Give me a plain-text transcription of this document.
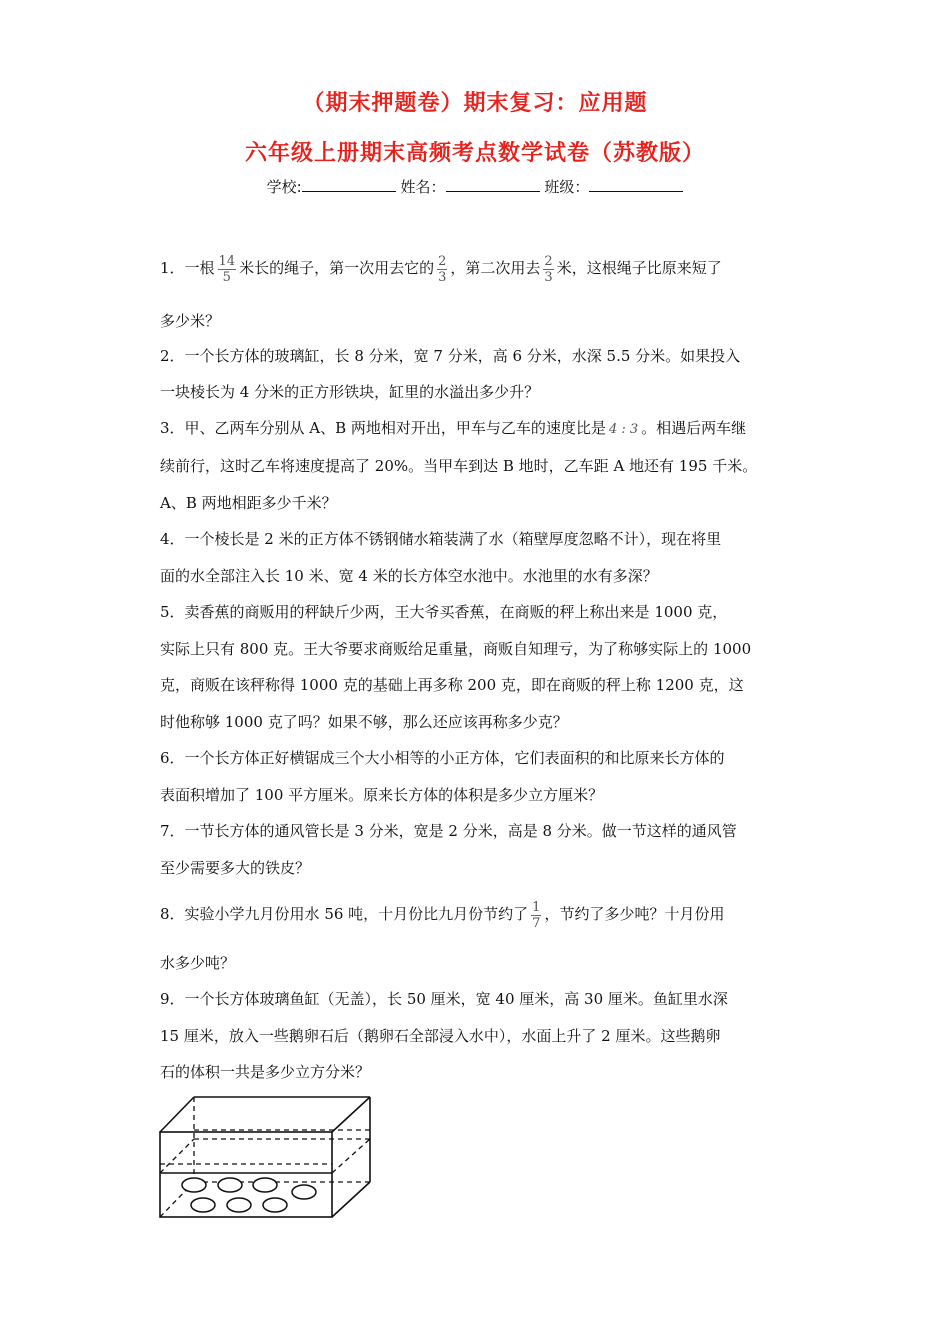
（期末押题卷）期末复习：应用题
六年级上册期末高频考点数学试卷（苏教版）
学校:	姓名：	班级：
1．一根 $\frac{14}{5}$ 米长的绳子，第一次用去它的 $\frac{2}{3}$ ，第二次用去 $\frac{2}{3}$ 米，这根绳子比原来短了
多少米？
2．一个长方体的玻璃缸，长 8 分米，宽 7 分米，高 6 分米，水深 5.5 分米。如果投入
一块棱长为 4 分米的正方形铁块，缸里的水溢出多少升？
3．甲、乙两车分别从 A、B 两地相对开出，甲车与乙车的速度比是 4 : 3 。相遇后两车继
续前行，这时乙车将速度提高了 20%。当甲车到达 B 地时，乙车距 A 地还有 195 千米。
A、B 两地相距多少千米？
4．一个棱长是 2 米的正方体不锈钢储水箱装满了水（箱壁厚度忽略不计），现在将里
面的水全部注入长 10 米、宽 4 米的长方体空水池中。水池里的水有多深？
5．卖香蕉的商贩用的秤缺斤少两，王大爷买香蕉，在商贩的秤上称出来是 1000 克，
实际上只有 800 克。王大爷要求商贩给足重量，商贩自知理亏，为了称够实际上的 1000
克，商贩在该秤称得 1000 克的基础上再多称 200 克，即在商贩的秤上称 1200 克，这
时他称够 1000 克了吗？如果不够，那么还应该再称多少克？
6．一个长方体正好横锯成三个大小相等的小正方体，它们表面积的和比原来长方体的
表面积增加了 100 平方厘米。原来长方体的体积是多少立方厘米？
7．一节长方体的通风管长是 3 分米，宽是 2 分米，高是 8 分米。做一节这样的通风管
至少需要多大的铁皮？
8．实验小学九月份用水 56 吨，十月份比九月份节约了 $\frac{1}{7}$ ，节约了多少吨？十月份用
水多少吨？
9．一个长方体玻璃鱼缸（无盖），长 50 厘米，宽 40 厘米，高 30 厘米。鱼缸里水深
15 厘米，放入一些鹅卵石后（鹅卵石全部浸入水中），水面上升了 2 厘米。这些鹅卵
石的体积一共是多少立方分米？
